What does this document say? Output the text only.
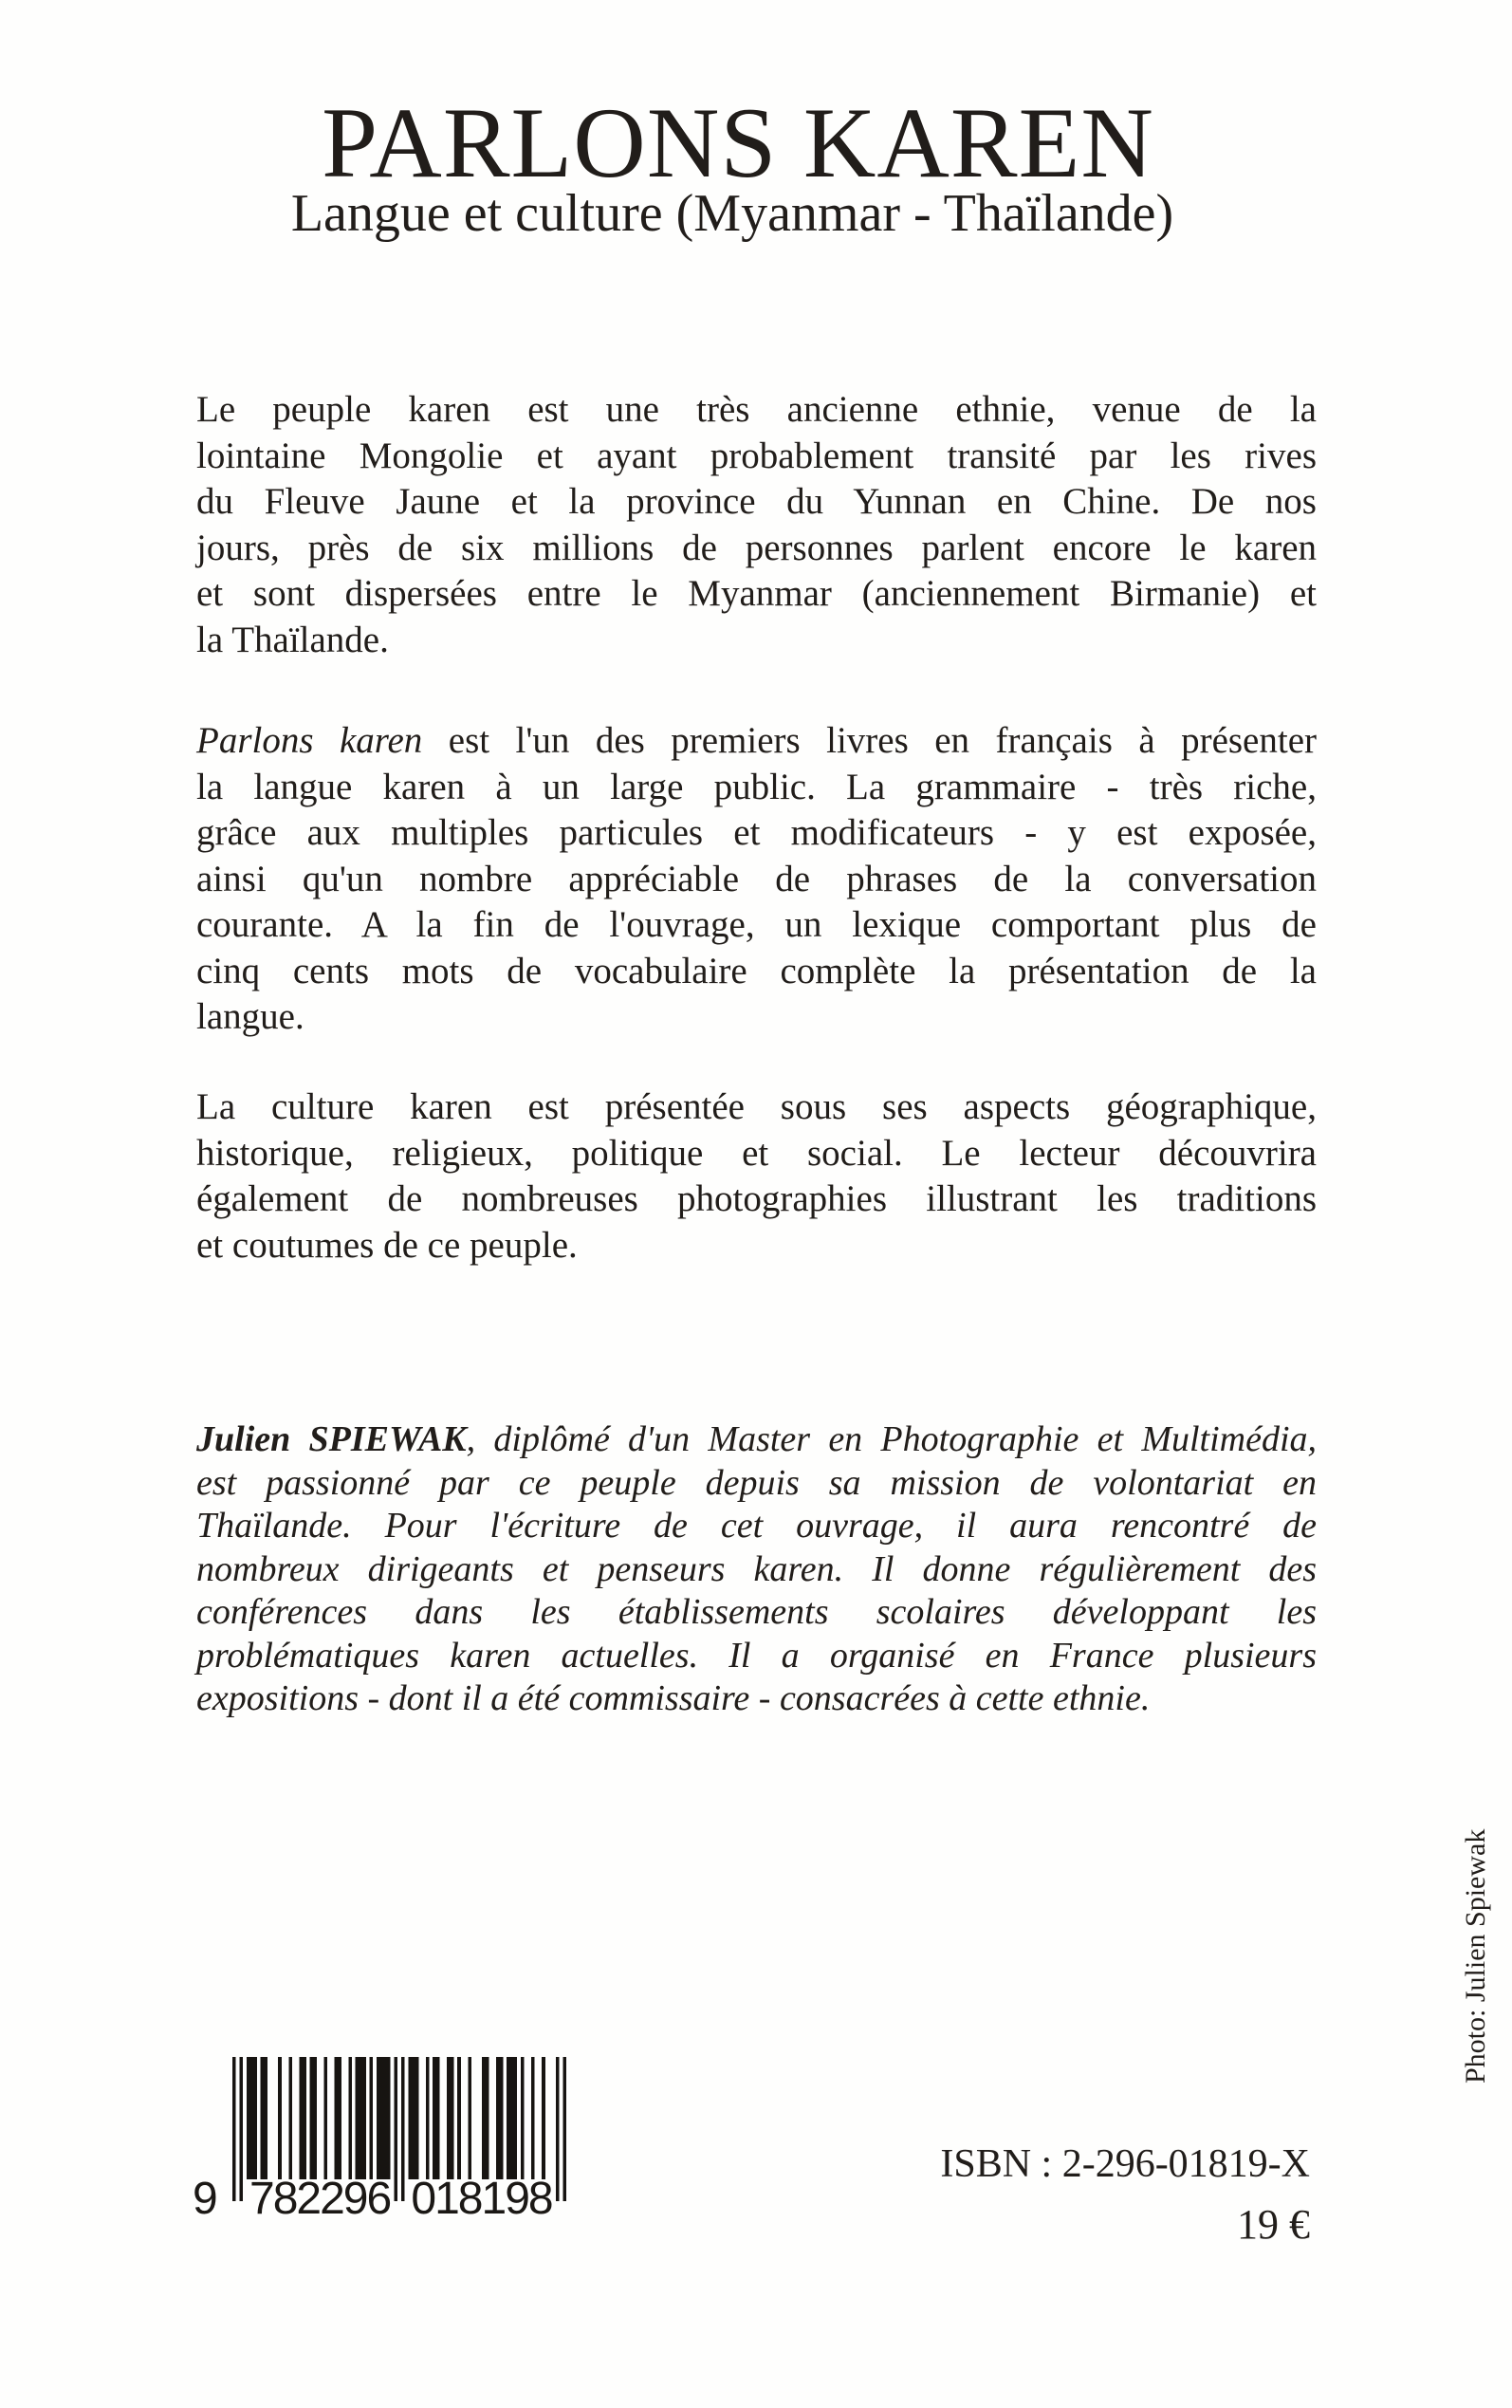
PARLONS KAREN
Langue et culture (Myanmar - Thaïlande)
Le peuple karen est une très ancienne ethnie, venue de la
lointaine Mongolie et ayant probablement transité par les rives
du Fleuve Jaune et la province du Yunnan en Chine. De nos
jours, près de six millions de personnes parlent encore le karen
et sont dispersées entre le Myanmar (anciennement Birmanie) et
la Thaïlande.
Parlons karen est l'un des premiers livres en français à présenter
la langue karen à un large public. La grammaire - très riche,
grâce aux multiples particules et modificateurs - y est exposée,
ainsi qu'un nombre appréciable de phrases de la conversation
courante. A la fin de l'ouvrage, un lexique comportant plus de
cinq cents mots de vocabulaire complète la présentation de la
langue.
La culture karen est présentée sous ses aspects géographique,
historique, religieux, politique et social. Le lecteur découvrira
également de nombreuses photographies illustrant les traditions
et coutumes de ce peuple.
Julien SPIEWAK, diplômé d'un Master en Photographie et Multimédia,
est passionné par ce peuple depuis sa mission de volontariat en
Thaïlande. Pour l'écriture de cet ouvrage, il aura rencontré de
nombreux dirigeants et penseurs karen. Il donne régulièrement des
conférences dans les établissements scolaires développant les
problématiques karen actuelles. Il a organisé en France plusieurs
expositions - dont il a été commissaire - consacrées à cette ethnie.
9 782296 018198
ISBN : 2-296-01819-X
19 €
Photo: Julien Spiewak
